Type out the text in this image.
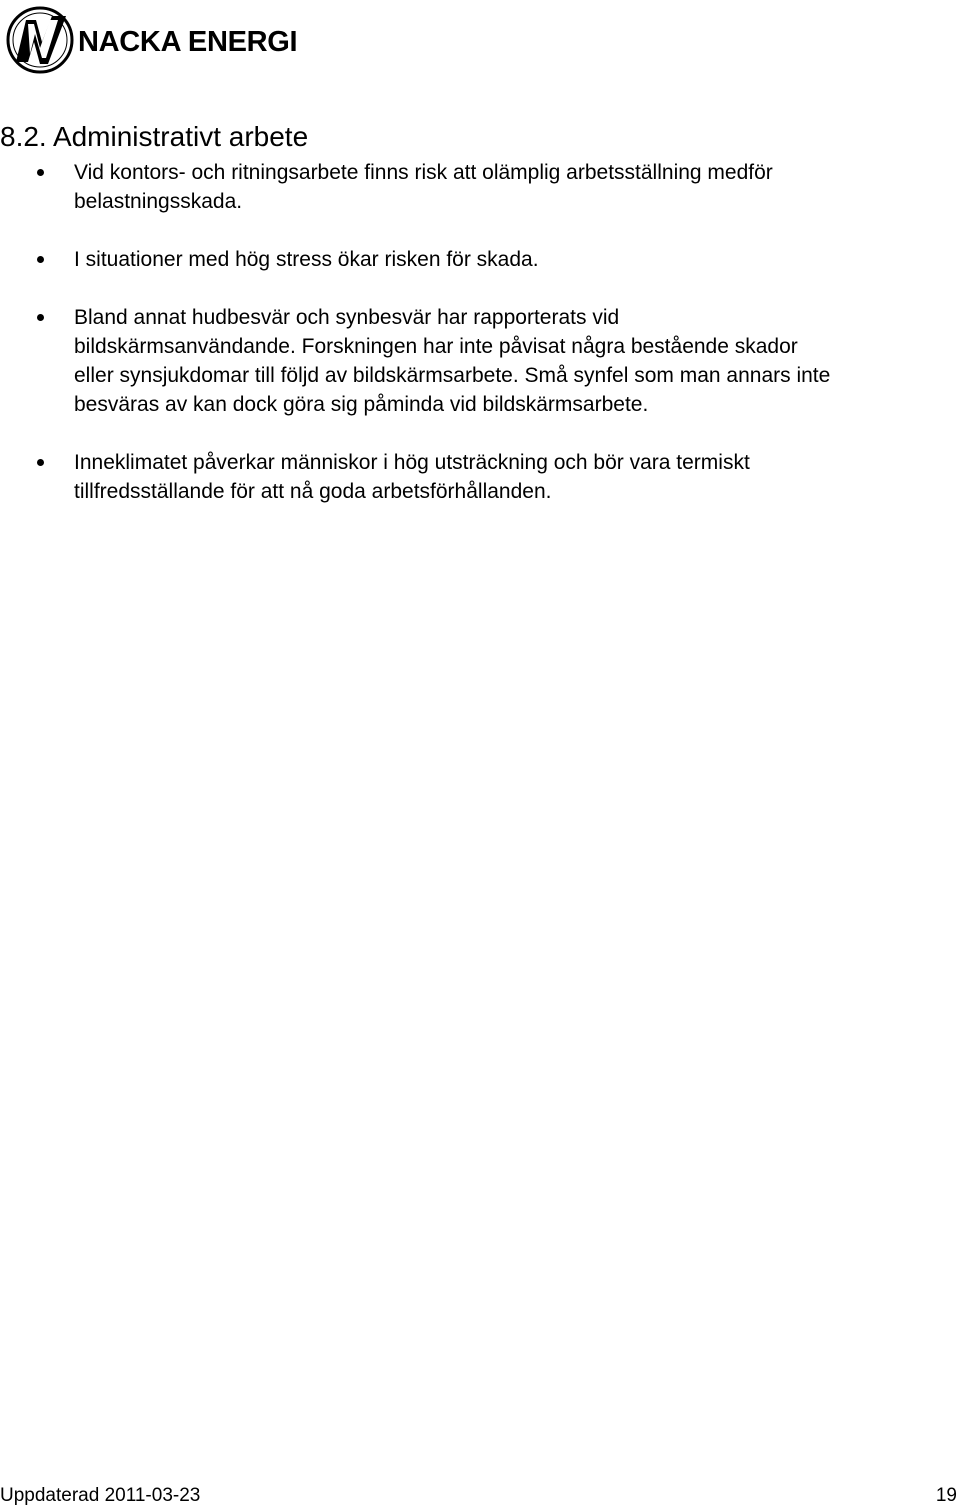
NACKA ENERGI
8.2. Administrativt arbete
Vid kontors- och ritningsarbete finns risk att olämplig arbetsställning medför
belastningsskada.
I situationer med hög stress ökar risken för skada.
Bland annat hudbesvär och synbesvär har rapporterats vid
bildskärmsanvändande. Forskningen har inte påvisat några bestående skador
eller synsjukdomar till följd av bildskärmsarbete. Små synfel som man annars inte
besväras av kan dock göra sig påminda vid bildskärmsarbete.
Inneklimatet påverkar människor i hög utsträckning och bör vara termiskt
tillfredsställande för att nå goda arbetsförhållanden.
Uppdaterad 2011-03-23	19
